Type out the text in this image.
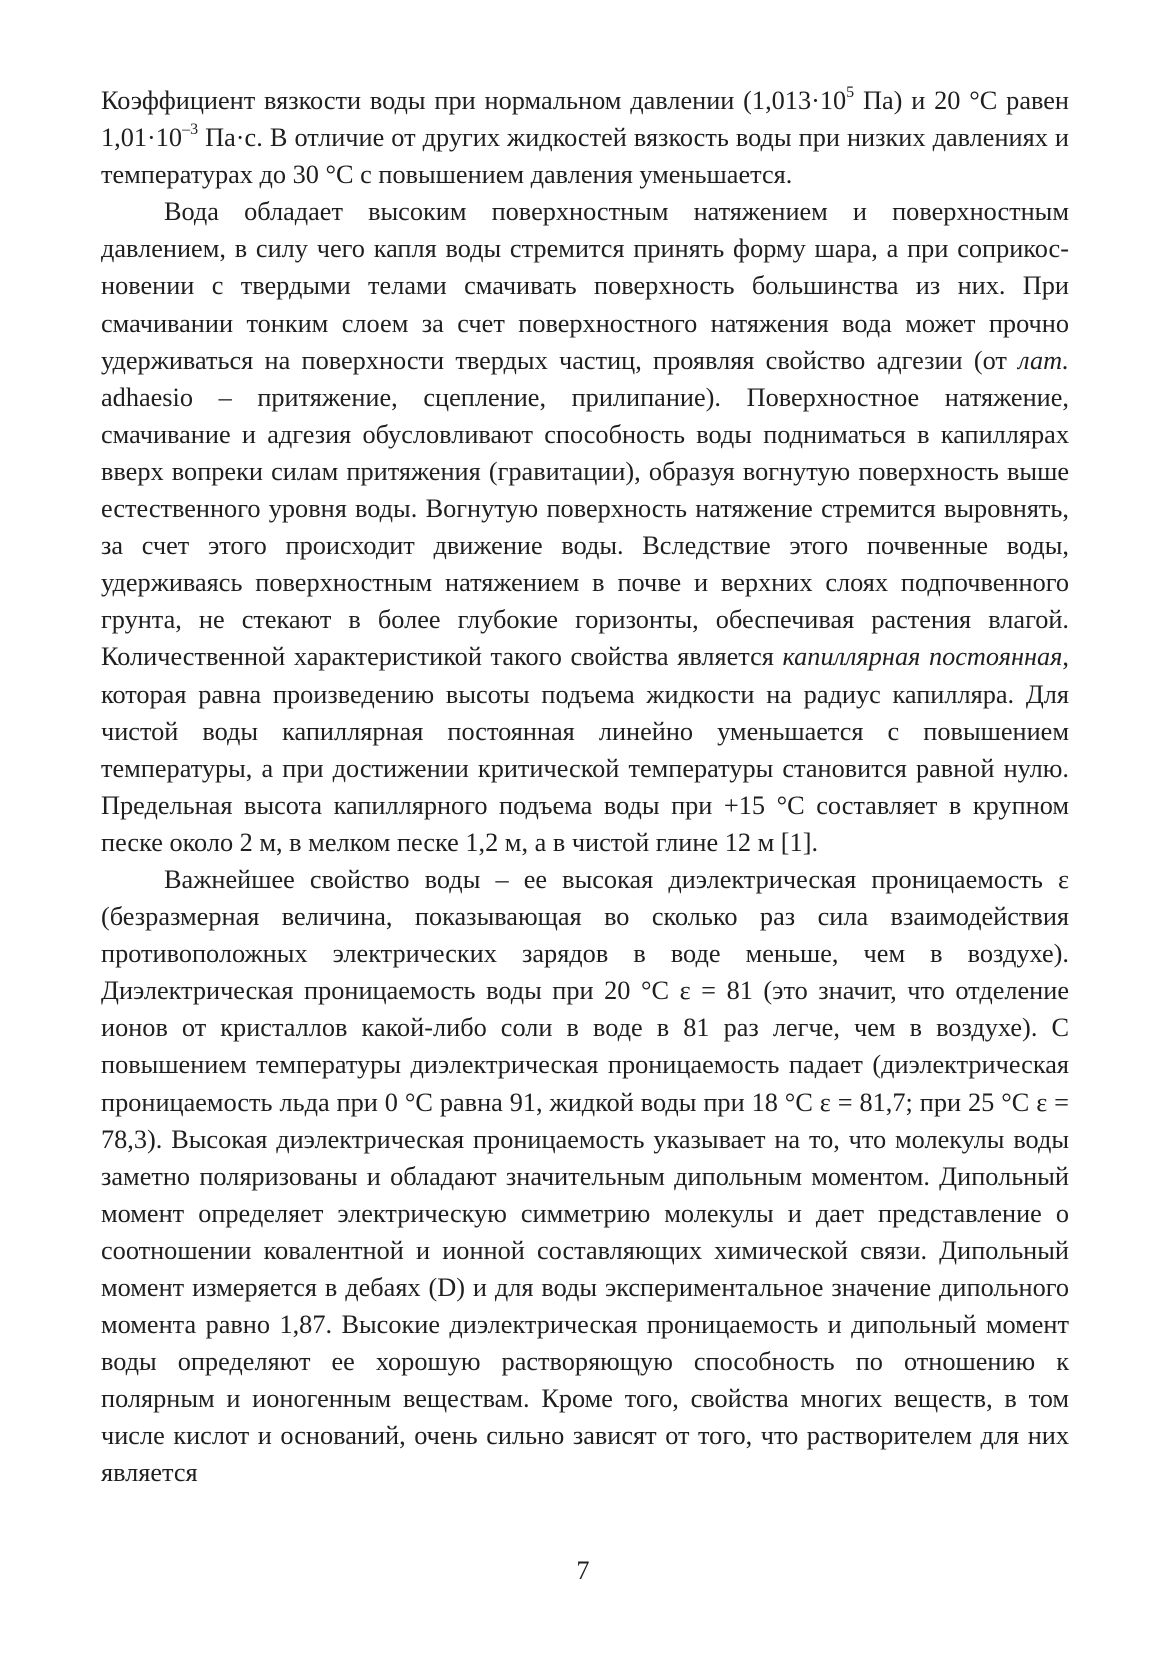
Коэффициент вязкости воды при нормальном давлении ($1,013\cdot 10^5$ Па) и 20 °С равен $1,01\cdot 10^{-3}$ Па·с. В отличие от других жидкостей вязкость воды при низких давлениях и температурах до 30 °С с повышением давления уменьшается.

Вода обладает высоким поверхностным натяжением и поверхностным давлением, в силу чего капля воды стремится принять форму шара, а при соприкосновении с твердыми телами смачивать поверхность большинства из них. При смачивании тонким слоем за счет поверхностного натяжения вода может прочно удерживаться на поверхности твердых частиц, проявляя свойство адгезии (от лат. adhaesio – притяжение, сцепление, прилипание). Поверхностное натяжение, смачивание и адгезия обусловливают способность воды подниматься в капиллярах вверх вопреки силам притяжения (гравитации), образуя вогнутую поверхность выше естественного уровня воды. Вогнутую поверхность натяжение стремится выровнять, за счет этого происходит движение воды. Вследствие этого почвенные воды, удерживаясь поверхностным натяжением в почве и верхних слоях подпочвенного грунта, не стекают в более глубокие горизонты, обеспечивая растения влагой. Количественной характеристикой такого свойства является капиллярная постоянная, которая равна произведению высоты подъема жидкости на радиус капилляра. Для чистой воды капиллярная постоянная линейно уменьшается с повышением температуры, а при достижении критической температуры становится равной нулю. Предельная высота капиллярного подъема воды при +15 °С составляет в крупном песке около 2 м, в мелком песке 1,2 м, а в чистой глине 12 м [1].

Важнейшее свойство воды – ее высокая диэлектрическая проницаемость ε (безразмерная величина, показывающая во сколько раз сила взаимодействия противоположных электрических зарядов в воде меньше, чем в воздухе). Диэлектрическая проницаемость воды при 20 °С ε = 81 (это значит, что отделение ионов от кристаллов какой-либо соли в воде в 81 раз легче, чем в воздухе). С повышением температуры диэлектрическая проницаемость падает (диэлектрическая проницаемость льда при 0 °С равна 91, жидкой воды при 18 °С ε = 81,7; при 25 °С ε = 78,3). Высокая диэлектрическая проницаемость указывает на то, что молекулы воды заметно поляризованы и обладают значительным дипольным моментом. Дипольный момент определяет электрическую симметрию молекулы и дает представление о соотношении ковалентной и ионной составляющих химической связи. Дипольный момент измеряется в дебаях (D) и для воды экспериментальное значение дипольного момента равно 1,87. Высокие диэлектрическая проницаемость и дипольный момент воды определяют ее хорошую растворяющую способность по отношению к полярным и ионогенным веществам. Кроме того, свойства многих веществ, в том числе кислот и оснований, очень сильно зависят от того, что растворителем для них является

7
